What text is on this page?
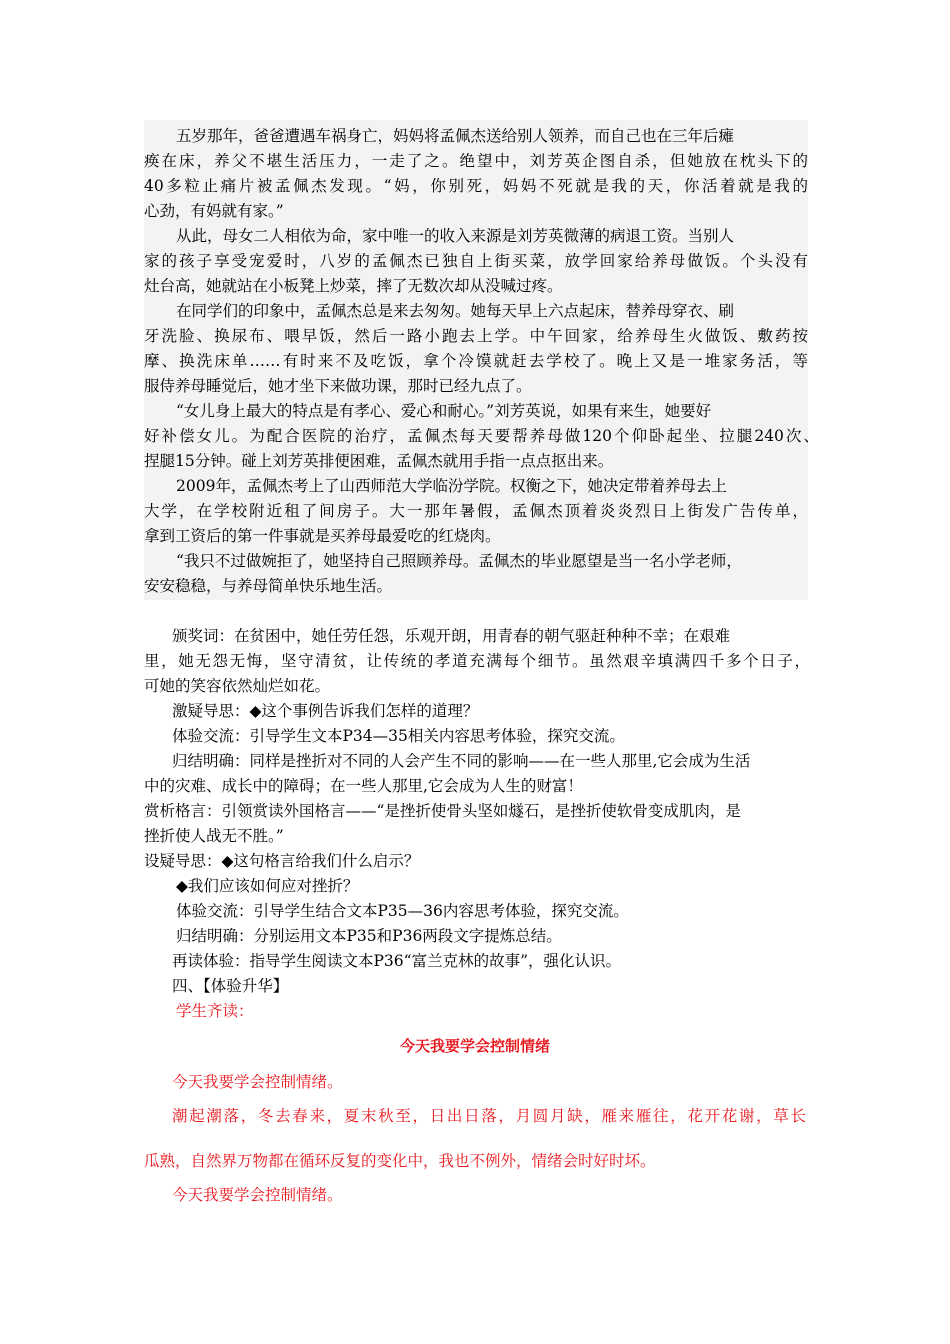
五岁那年，爸爸遭遇车祸身亡，妈妈将孟佩杰送给别人领养，而自己也在三年后瘫
痪在床，养父不堪生活压力，一走了之。绝望中，刘芳英企图自杀，但她放在枕头下的
40多粒止痛片被孟佩杰发现。“妈，你别死，妈妈不死就是我的天，你活着就是我的
心劲，有妈就有家。”
从此，母女二人相依为命，家中唯一的收入来源是刘芳英微薄的病退工资。当别人
家的孩子享受宠爱时，八岁的孟佩杰已独自上街买菜，放学回家给养母做饭。个头没有
灶台高，她就站在小板凳上炒菜，摔了无数次却从没喊过疼。
在同学们的印象中，孟佩杰总是来去匆匆。她每天早上六点起床，替养母穿衣、刷
牙洗脸、换尿布、喂早饭，然后一路小跑去上学。中午回家，给养母生火做饭、敷药按
摩、换洗床单……有时来不及吃饭，拿个冷馍就赶去学校了。晚上又是一堆家务活，等
服侍养母睡觉后，她才坐下来做功课，那时已经九点了。
“女儿身上最大的特点是有孝心、爱心和耐心。”刘芳英说，如果有来生，她要好
好补偿女儿。为配合医院的治疗，孟佩杰每天要帮养母做120个仰卧起坐、拉腿240次、
捏腿15分钟。碰上刘芳英排便困难，孟佩杰就用手指一点点抠出来。
2009年，孟佩杰考上了山西师范大学临汾学院。权衡之下，她决定带着养母去上
大学，在学校附近租了间房子。大一那年暑假，孟佩杰顶着炎炎烈日上街发广告传单，
拿到工资后的第一件事就是买养母最爱吃的红烧肉。
“我只不过做婉拒了，她坚持自己照顾养母。孟佩杰的毕业愿望是当一名小学老师，
安安稳稳，与养母简单快乐地生活。
颁奖词：在贫困中，她任劳任怨，乐观开朗，用青春的朝气驱赶种种不幸；在艰难
里，她无怨无悔，坚守清贫，让传统的孝道充满每个细节。虽然艰辛填满四千多个日子，
可她的笑容依然灿烂如花。
激疑导思：◆这个事例告诉我们怎样的道理？
体验交流：引导学生文本P34—35相关内容思考体验，探究交流。
归结明确：同样是挫折对不同的人会产生不同的影响——在一些人那里,它会成为生活
中的灾难、成长中的障碍；在一些人那里,它会成为人生的财富！
赏析格言：引领赏读外国格言——“是挫折使骨头坚如燧石，是挫折使软骨变成肌肉，是
挫折使人战无不胜。”
设疑导思：◆这句格言给我们什么启示？
◆我们应该如何应对挫折？
体验交流：引导学生结合文本P35—36内容思考体验，探究交流。
归结明确：分别运用文本P35和P36两段文字提炼总结。
再读体验：指导学生阅读文本P36“富兰克林的故事”，强化认识。
四、【体验升华】
学生齐读：
今天我要学会控制情绪
今天我要学会控制情绪。
潮起潮落，冬去春来，夏末秋至，日出日落，月圆月缺，雁来雁往，花开花谢，草长
瓜熟，自然界万物都在循环反复的变化中，我也不例外，情绪会时好时坏。
今天我要学会控制情绪。
